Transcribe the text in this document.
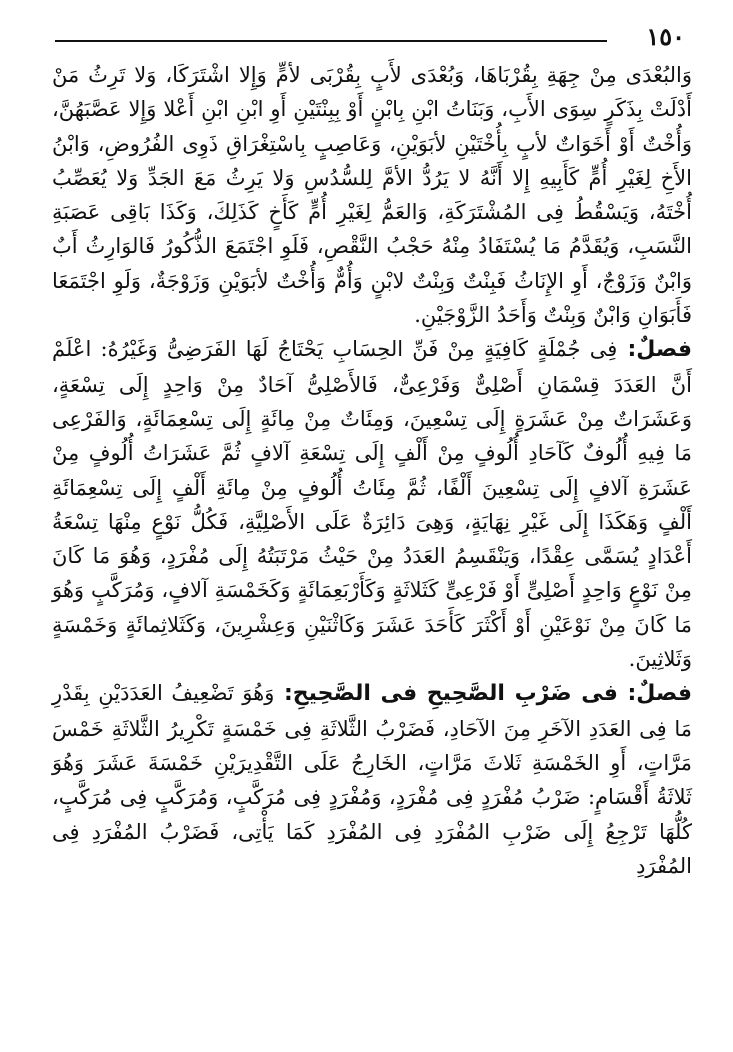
١٥٠

وَالبُعْدَى مِنْ جِهَةِ بِقُرْبَاهَا، وَبُعْدَى لأَبٍ بِقُرْبَى لأمٍّ وَإِلا اشْتَرَكَا، وَلا تَرِثُ مَنْ أَدْلَتْ بِذَكَرٍ سِوَى الأَبِ، وَبَنَاتُ ابْنِ بِابْنٍ أَوْ بِبِنْتَيْنِ أَوِ ابْنِ ابْنِ أَعْلا وَإِلا عَصَّبَهُنَّ، وَأُخْتٌ أَوْ أَخَوَاتٌ لأبٍ بِأُخْتَيْنِ لأبَوَيْنِ، وَعَاصِبٍ بِاسْتِغْرَاقِ ذَوِى الفُرُوضِ، وَابْنُ الأَخِ لِغَيْرِ أُمٍّ كَأَبِيهِ إِلا أَنَّهُ لا يَرُدُّ الأمَّ لِلسُّدُسِ وَلا يَرِثُ مَعَ الجَدِّ وَلا يُعَصِّبُ أُخْتَهُ، وَيَسْقُطُ فِى المُشْتَرَكَةِ، وَالعَمُّ لِغَيْرِ أُمٍّ كَأَخٍ كَذَلِكَ، وَكَذَا بَاقِى عَصَبَةِ النَّسَبِ، وَيُقَدَّمُ مَا يُسْتَفَادُ مِنْهُ حَجْبُ النَّقْصِ، فَلَوِ اجْتَمَعَ الذُّكُورُ فَالوَارِثُ أَبٌ وَابْنٌ وَزَوْجٌ، أَوِ الإِنَاثُ فَبِنْتٌ وَبِنْتٌ لابْنٍ وَأُمٌّ وَأُخْتٌ لأبَوَيْنِ وَزَوْجَةٌ، وَلَوِ اجْتَمَعَا فَأَبَوَانِ وَابْنٌ وَبِنْتٌ وَأَحَدُ الزَّوْجَيْنِ.

فصلٌ: فِى جُمْلَةٍ كَافِيَةٍ مِنْ فَنِّ الحِسَابِ يَحْتَاجُ لَهَا الفَرَضِىُّ وَغَيْرُهُ: اعْلَمْ أَنَّ العَدَدَ قِسْمَانِ أَصْلِىٌّ وَفَرْعِىٌّ، فَالأَصْلِىُّ آحَادٌ مِنْ وَاحِدٍ إِلَى تِسْعَةٍ، وَعَشَرَاتٌ مِنْ عَشَرَةٍ إِلَى تِسْعِينَ، وَمِئَاتٌ مِنْ مِائَةٍ إِلَى تِسْعِمَائَةٍ، وَالفَرْعِى مَا فِيهِ أُلُوفٌ كَآحَادِ أُلُوفٍ مِنْ أَلْفٍ إِلَى تِسْعَةِ آلافٍ ثُمَّ عَشَرَاتُ أُلُوفٍ مِنْ عَشَرَةِ آلافٍ إِلَى تِسْعِينَ أَلْفًا، ثُمَّ مِئَاتُ أُلُوفٍ مِنْ مِائَةِ أَلْفٍ إِلَى تِسْعِمَائَةِ أَلْفٍ وَهَكَذَا إِلَى غَيْرِ نِهَايَةٍ، وَهِىَ دَائِرَةٌ عَلَى الأَصْلِيَّةِ، فَكُلُّ نَوْعٍ مِنْهَا تِسْعَةُ أَعْدَادٍ يُسَمَّى عِقْدًا، وَيَنْقَسِمُ العَدَدُ مِنْ حَيْثُ مَرْتَبَتُهُ إِلَى مُفْرَدٍ، وَهُوَ مَا كَانَ مِنْ نَوْعٍ وَاحِدٍ أَصْلِىٍّ أَوْ فَرْعِىٍّ كَثَلاثَةٍ وَكَأَرْبَعِمَائَةٍ وَكَخَمْسَةِ آلافٍ، وَمُرَكَّبٍ وَهُوَ مَا كَانَ مِنْ نَوْعَيْنِ أَوْ أَكْثَرَ كَأَحَدَ عَشَرَ وَكَاثْنَيْنِ وَعِشْرِينَ، وَكَثَلاثِمائَةٍ وَخَمْسَةٍ وَثَلاثِينَ.

فصلٌ: فى ضَرْبِ الصَّحِيحِ فى الصَّحِيحِ: وَهُوَ تَضْعِيفُ العَدَدَيْنِ بِقَدْرِ مَا فِى العَدَدِ الآخَرِ مِنَ الآحَادِ، فَضَرْبُ الثَّلاثَةِ فِى خَمْسَةٍ تَكْرِيرُ الثَّلاثَةِ خَمْسَ مَرَّاتٍ، أَوِ الخَمْسَةِ ثَلاثَ مَرَّاتٍ، الخَارِجُ عَلَى التَّقْدِيرَيْنِ خَمْسَةَ عَشَرَ وَهُوَ ثَلاثَةُ أَقْسَامٍ: ضَرْبُ مُفْرَدٍ فِى مُفْرَدٍ، وَمُفْرَدٍ فِى مُرَكَّبٍ، وَمُرَكَّبٍ فِى مُرَكَّبٍ، كُلُّهَا تَرْجِعُ إِلَى ضَرْبِ المُفْرَدِ فِى المُفْرَدِ كَمَا يَأْتِى، فَضَرْبُ المُفْرَدِ فِى المُفْرَدِ
